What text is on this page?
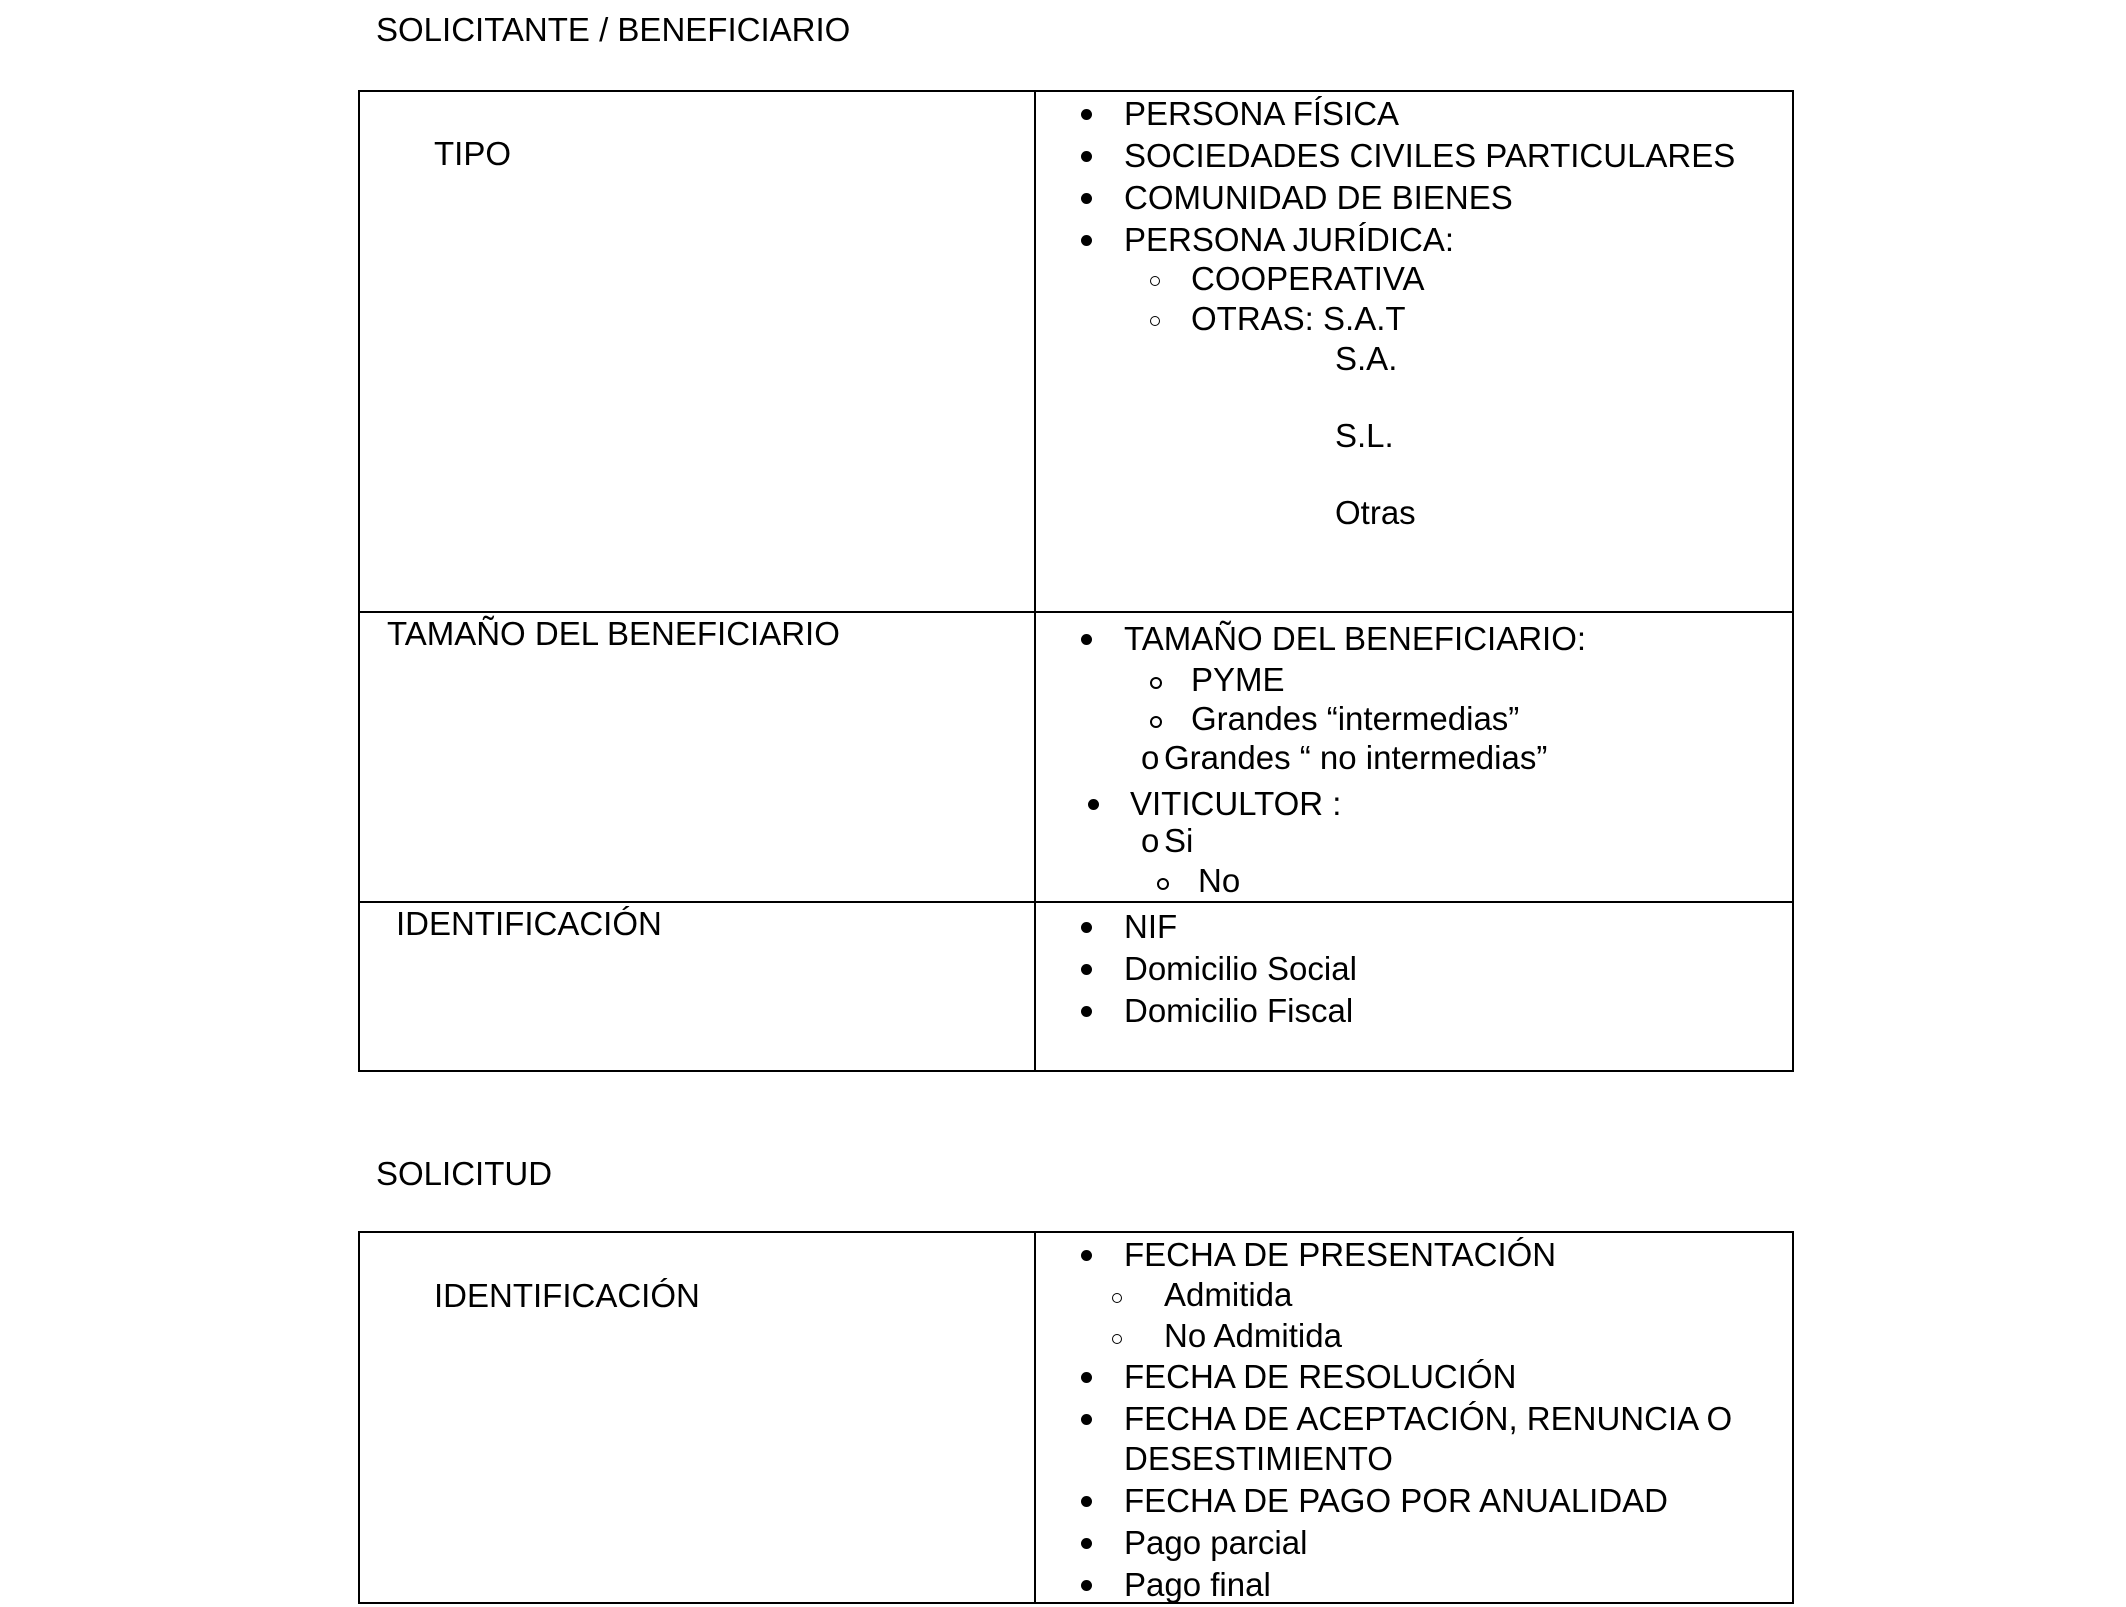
SOLICITANTE / BENEFICIARIO
TIPO
PERSONA FÍSICA
SOCIEDADES CIVILES PARTICULARES
COMUNIDAD DE BIENES
PERSONA JURÍDICA:
COOPERATIVA
OTRAS: S.A.T
S.A.
S.L.
Otras
TAMAÑO DEL BENEFICIARIO	TAMAÑO DEL BENEFICIARIO:
PYME
Grandes “intermedias”
o Grandes “ no intermedias”
VITICULTOR :
o Si
No
IDENTIFICACIÓN	NIF
Domicilio Social
Domicilio Fiscal
SOLICITUD
IDENTIFICACIÓN
FECHA DE PRESENTACIÓN
Admitida
No Admitida
FECHA DE RESOLUCIÓN
FECHA DE ACEPTACIÓN, RENUNCIA O
DESESTIMIENTO
FECHA DE PAGO POR ANUALIDAD
Pago parcial
Pago final
